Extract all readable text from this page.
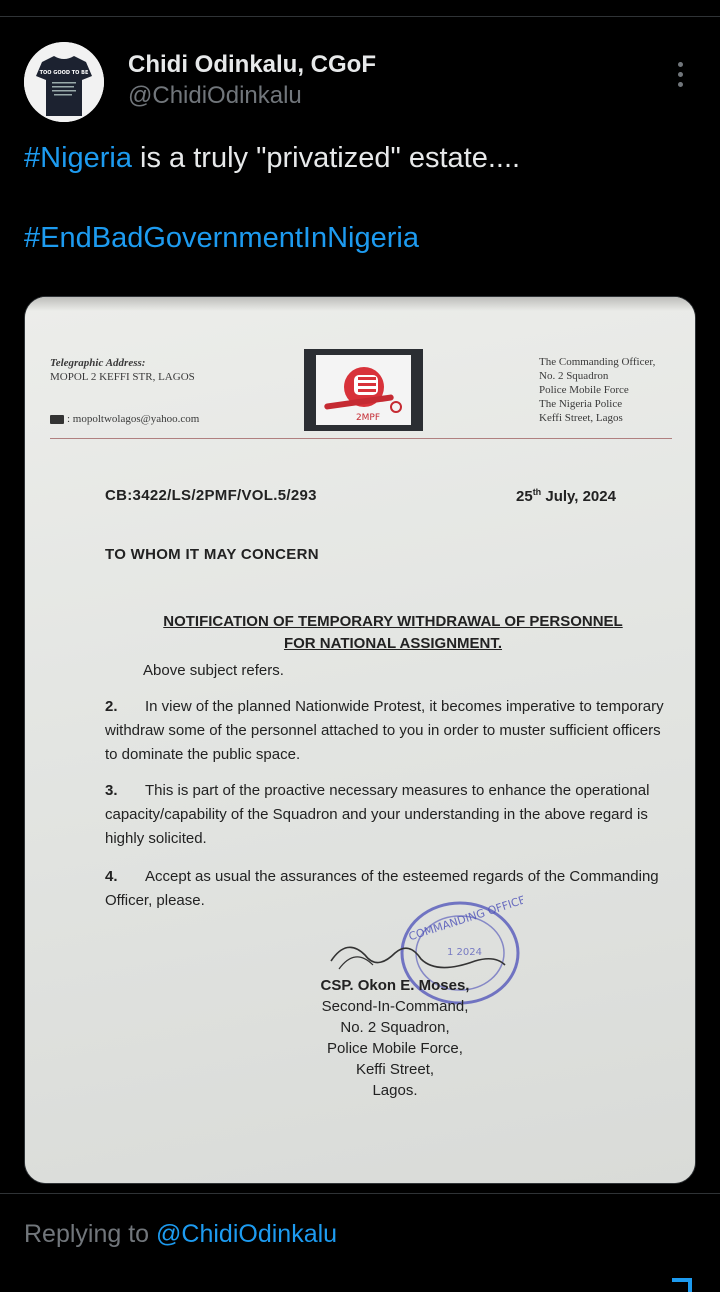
TOO GOOD TO BE Chidi Odinkalu, CGoF
@ChidiOdinkalu
#Nigeria is a truly "privatized" estate....
#EndBadGovernmentInNigeria
Telegraphic Address:
MOPOL 2 KEFFI STR, LAGOS
: mopoltwolagos@yahoo.com	2MPF
The Commanding Officer,
No. 2 Squadron
Police Mobile Force
The Nigeria Police
Keffi Street, Lagos
CB:3422/LS/2PMF/VOL.5/293	25th July, 2024
TO WHOM IT MAY CONCERN
NOTIFICATION OF TEMPORARY WITHDRAWAL OF PERSONNEL
FOR NATIONAL ASSIGNMENT.
Above subject refers.
2. In view of the planned Nationwide Protest, it becomes imperative to temporary withdraw some of the personnel attached to you in order to muster sufficient officers to dominate the public space.
3. This is part of the proactive necessary measures to enhance the operational capacity/capability of the Squadron and your understanding in the above regard is highly solicited.
4. Accept as usual the assurances of the esteemed regards of the Commanding Officer, please.	COMMANDING OFFICER
1 2024
CSP. Okon E. Moses,
Second-In-Command,
No. 2 Squadron,
Police Mobile Force,
Keffi Street,
Lagos.
Replying to @ChidiOdinkalu
